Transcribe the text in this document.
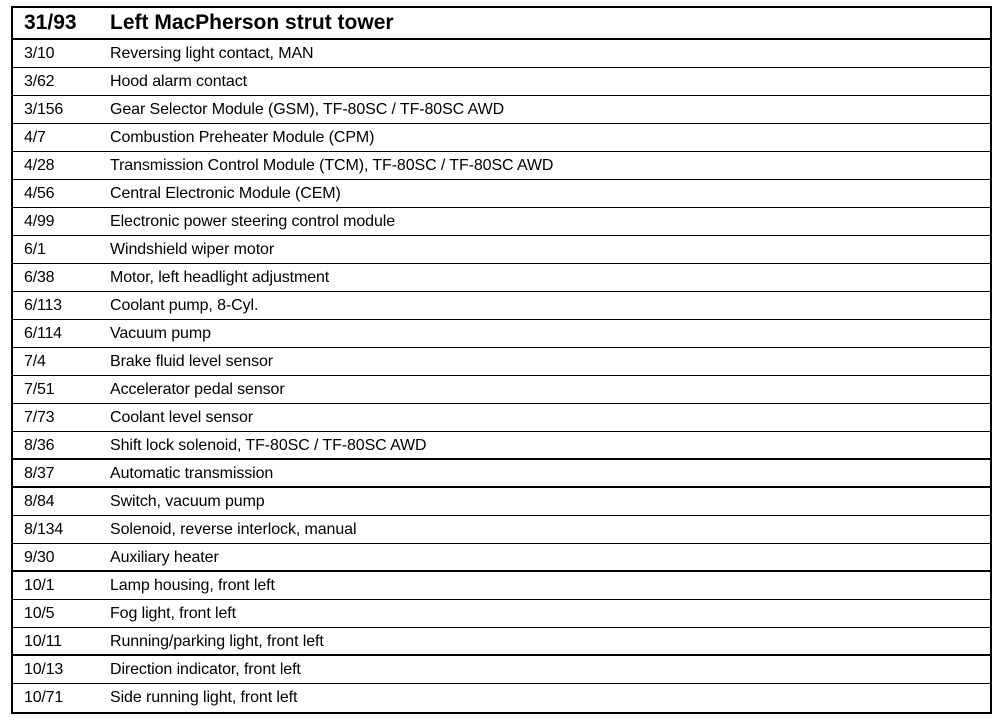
31/93 Left MacPherson strut tower
3/10	Reversing light contact, MAN
3/62	Hood alarm contact
3/156	Gear Selector Module (GSM), TF-80SC / TF-80SC AWD
4/7	Combustion Preheater Module (CPM)
4/28	Transmission Control Module (TCM), TF-80SC / TF-80SC AWD
4/56	Central Electronic Module (CEM)
4/99	Electronic power steering control module
6/1	Windshield wiper motor
6/38	Motor, left headlight adjustment
6/113	Coolant pump, 8-Cyl.
6/114	Vacuum pump
7/4	Brake fluid level sensor
7/51	Accelerator pedal sensor
7/73	Coolant level sensor
8/36	Shift lock solenoid, TF-80SC / TF-80SC AWD
8/37	Automatic transmission
8/84	Switch, vacuum pump
8/134	Solenoid, reverse interlock, manual
9/30	Auxiliary heater
10/1	Lamp housing, front left
10/5	Fog light, front left
10/11	Running/parking light, front left
10/13	Direction indicator, front left
10/71	Side running light, front left
